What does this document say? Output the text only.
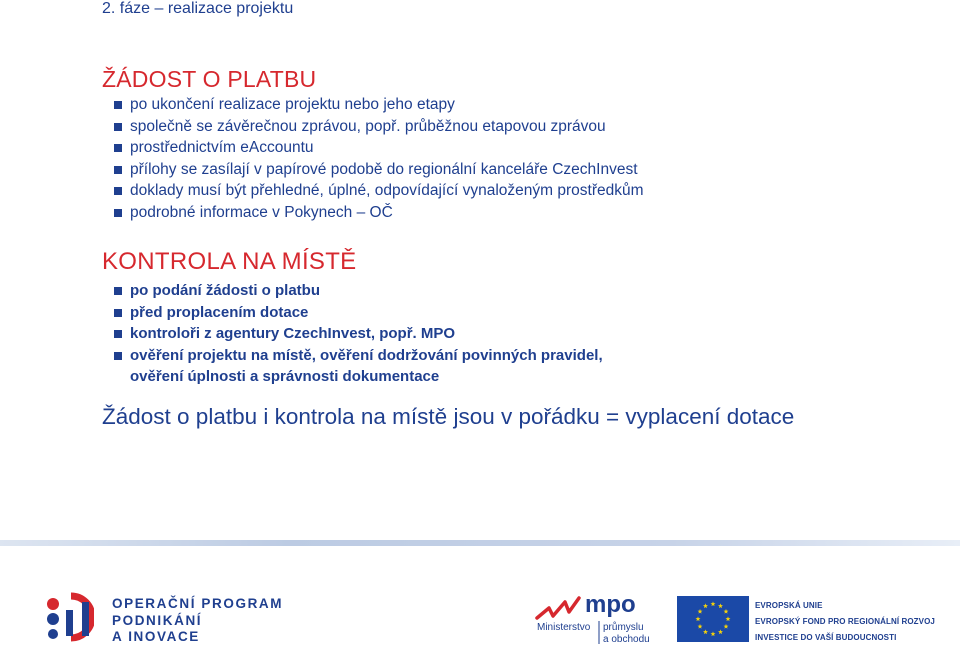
2. fáze – realizace projektu
ŽÁDOST O PLATBU
po ukončení realizace projektu nebo jeho etapy
společně se závěrečnou zprávou, popř. průběžnou etapovou zprávou
prostřednictvím eAccountu
přílohy se zasílají v papírové podobě do regionální kanceláře CzechInvest
doklady musí být přehledné, úplné, odpovídající vynaloženým prostředkům
podrobné informace v Pokynech – OČ
KONTROLA NA MÍSTĚ
po podání žádosti o platbu
před proplacením dotace
kontroloři z agentury CzechInvest, popř. MPO
ověření projektu na místě, ověření dodržování povinných pravidel,
ověření úplnosti a správnosti dokumentace
Žádost o platbu i kontrola na místě jsou v pořádku = vyplacení dotace
OPERAČNÍ PROGRAM
PODNIKÁNÍ
A INOVACE
mpo
Ministerstvo průmyslu
a obchodu
EVROPSKÁ UNIE
EVROPSKÝ FOND PRO REGIONÁLNÍ ROZVOJ
INVESTICE DO VAŠÍ BUDOUCNOSTI
